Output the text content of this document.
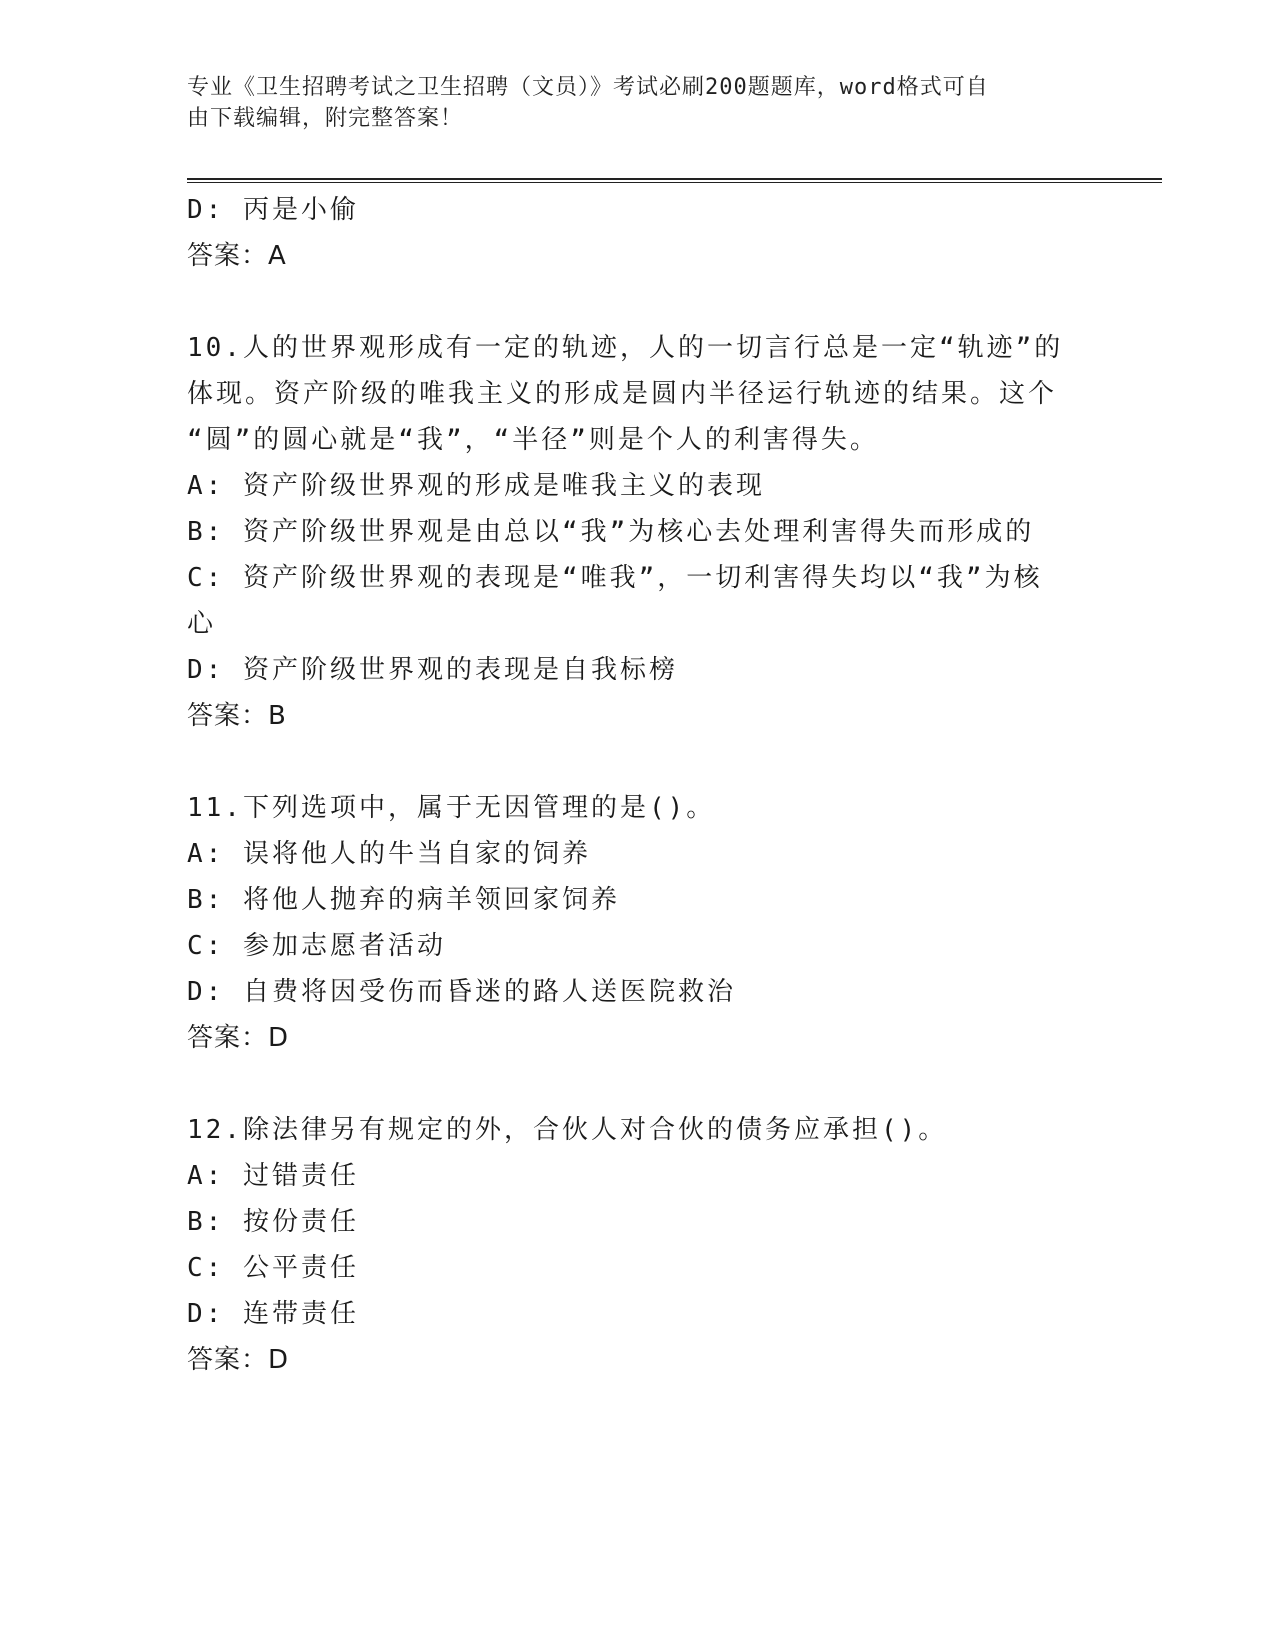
专业《卫生招聘考试之卫生招聘（文员）》考试必刷200题题库，word格式可自
由下载编辑，附完整答案！
D: 丙是小偷
答案：A
10.人的世界观形成有一定的轨迹，人的一切言行总是一定“轨迹”的
体现。资产阶级的唯我主义的形成是圆内半径运行轨迹的结果。这个
“圆”的圆心就是“我”，“半径”则是个人的利害得失。
A: 资产阶级世界观的形成是唯我主义的表现
B: 资产阶级世界观是由总以“我”为核心去处理利害得失而形成的
C: 资产阶级世界观的表现是“唯我”，一切利害得失均以“我”为核
心
D: 资产阶级世界观的表现是自我标榜
答案：B
11.下列选项中，属于无因管理的是()。
A: 误将他人的牛当自家的饲养
B: 将他人抛弃的病羊领回家饲养
C: 参加志愿者活动
D: 自费将因受伤而昏迷的路人送医院救治
答案：D
12.除法律另有规定的外，合伙人对合伙的债务应承担()。
A: 过错责任
B: 按份责任
C: 公平责任
D: 连带责任
答案：D
